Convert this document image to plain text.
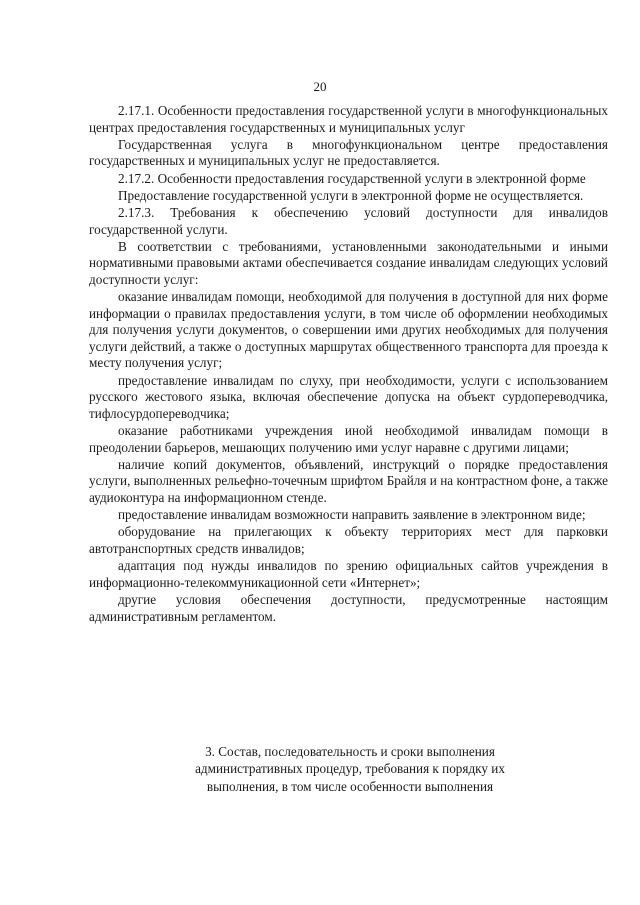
20

2.17.1. Особенности предоставления государственной услуги в многофункциональных центрах предоставления государственных и муниципальных услуг

Государственная услуга в многофункциональном центре предоставления государственных и муниципальных услуг не предоставляется.

2.17.2. Особенности предоставления государственной услуги в электронной форме

Предоставление государственной услуги в электронной форме не осуществляется.

2.17.3. Требования к обеспечению условий доступности для инвалидов государственной услуги.

В соответствии с требованиями, установленными законодательными и иными нормативными правовыми актами обеспечивается создание инвалидам следующих условий доступности услуг:

оказание инвалидам помощи, необходимой для получения в доступной для них форме информации о правилах предоставления услуги, в том числе об оформлении необходимых для получения услуги документов, о совершении ими других необходимых для получения услуги действий, а также о доступных маршрутах общественного транспорта для проезда к месту получения услуг;

предоставление инвалидам по слуху, при необходимости, услуги с использованием русского жестового языка, включая обеспечение допуска на объект сурдопереводчика, тифлосурдопереводчика;

оказание работниками учреждения иной необходимой инвалидам помощи в преодолении барьеров, мешающих получению ими услуг наравне с другими лицами;

наличие копий документов, объявлений, инструкций о порядке предоставления услуги, выполненных рельефно-точечным шрифтом Брайля и на контрастном фоне, а также аудиоконтура на информационном стенде.

предоставление инвалидам возможности направить заявление в электронном виде;

оборудование на прилегающих к объекту территориях мест для парковки автотранспортных средств инвалидов;

адаптация под нужды инвалидов по зрению официальных сайтов учреждения в информационно-телекоммуникационной сети «Интернет»;

другие условия обеспечения доступности, предусмотренные настоящим административным регламентом.

3. Состав, последовательность и сроки выполнения
административных процедур, требования к порядку их
выполнения, в том числе особенности выполнения
